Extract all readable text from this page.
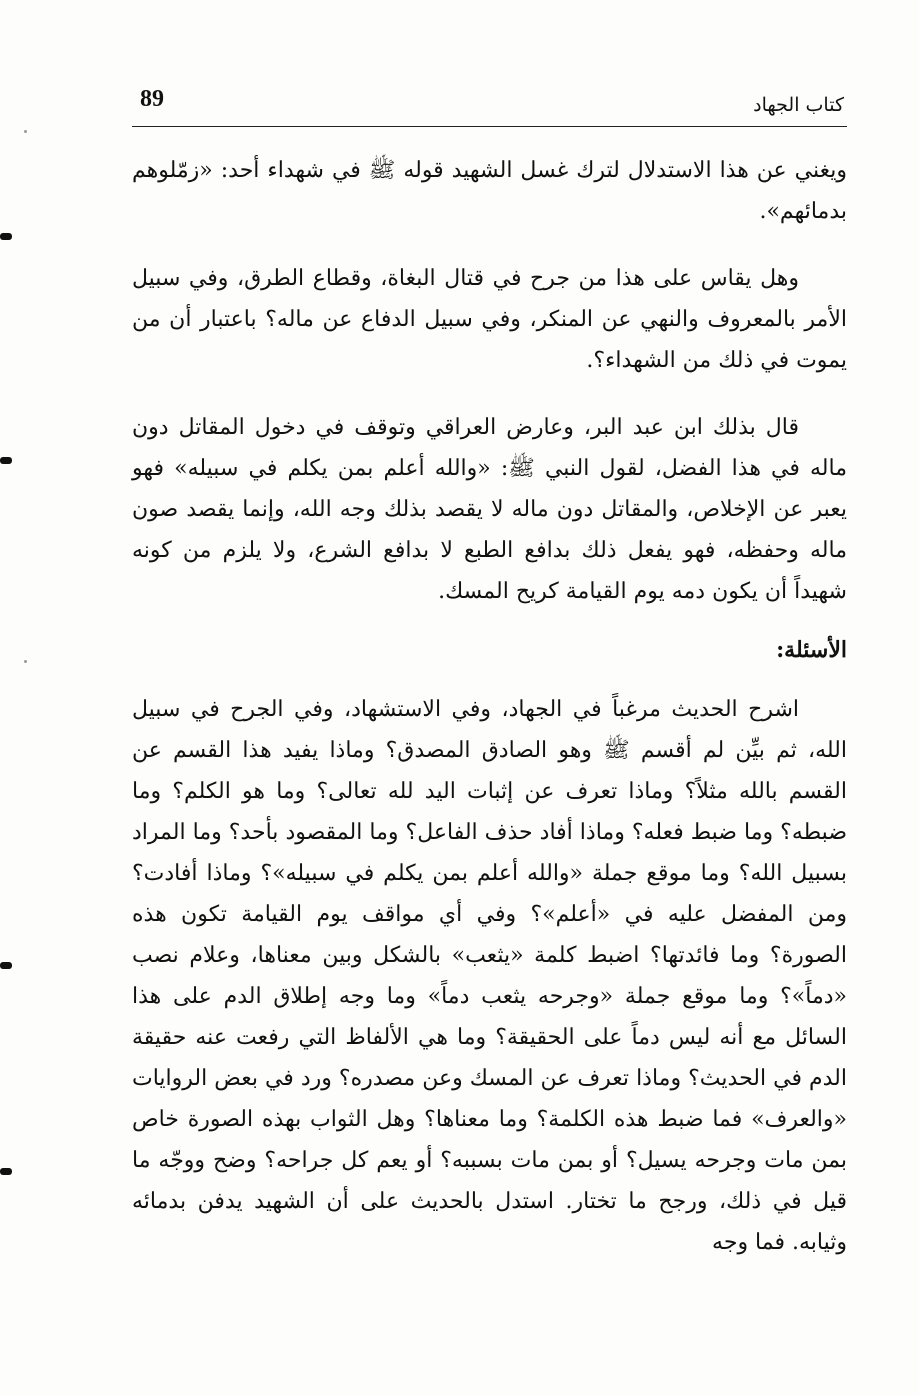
89	كتاب الجهاد

ويغني عن هذا الاستدلال لترك غسل الشهيد قوله ﷺ في شهداء أحد: «زمّلوهم بدمائهم».

وهل يقاس على هذا من جرح في قتال البغاة، وقطاع الطرق، وفي سبيل الأمر بالمعروف والنهي عن المنكر، وفي سبيل الدفاع عن ماله؟ باعتبار أن من يموت في ذلك من الشهداء؟.

قال بذلك ابن عبد البر، وعارض العراقي وتوقف في دخول المقاتل دون ماله في هذا الفضل، لقول النبي ﷺ: «والله أعلم بمن يكلم في سبيله» فهو يعبر عن الإخلاص، والمقاتل دون ماله لا يقصد بذلك وجه الله، وإنما يقصد صون ماله وحفظه، فهو يفعل ذلك بدافع الطبع لا بدافع الشرع، ولا يلزم من كونه شهيداً أن يكون دمه يوم القيامة كريح المسك.

الأسئلة:

اشرح الحديث مرغباً في الجهاد، وفي الاستشهاد، وفي الجرح في سبيل الله، ثم بيِّن لم أقسم ﷺ وهو الصادق المصدق؟ وماذا يفيد هذا القسم عن القسم بالله مثلاً؟ وماذا تعرف عن إثبات اليد لله تعالى؟ وما هو الكلم؟ وما ضبطه؟ وما ضبط فعله؟ وماذا أفاد حذف الفاعل؟ وما المقصود بأحد؟ وما المراد بسبيل الله؟ وما موقع جملة «والله أعلم بمن يكلم في سبيله»؟ وماذا أفادت؟ ومن المفضل عليه في «أعلم»؟ وفي أي مواقف يوم القيامة تكون هذه الصورة؟ وما فائدتها؟ اضبط كلمة «يثعب» بالشكل وبين معناها، وعلام نصب «دماً»؟ وما موقع جملة «وجرحه يثعب دماً» وما وجه إطلاق الدم على هذا السائل مع أنه ليس دماً على الحقيقة؟ وما هي الألفاظ التي رفعت عنه حقيقة الدم في الحديث؟ وماذا تعرف عن المسك وعن مصدره؟ ورد في بعض الروايات «والعرف» فما ضبط هذه الكلمة؟ وما معناها؟ وهل الثواب بهذه الصورة خاص بمن مات وجرحه يسيل؟ أو بمن مات بسببه؟ أو يعم كل جراحه؟ وضح ووجّه ما قيل في ذلك، ورجح ما تختار. استدل بالحديث على أن الشهيد يدفن بدمائه وثيابه. فما وجه
